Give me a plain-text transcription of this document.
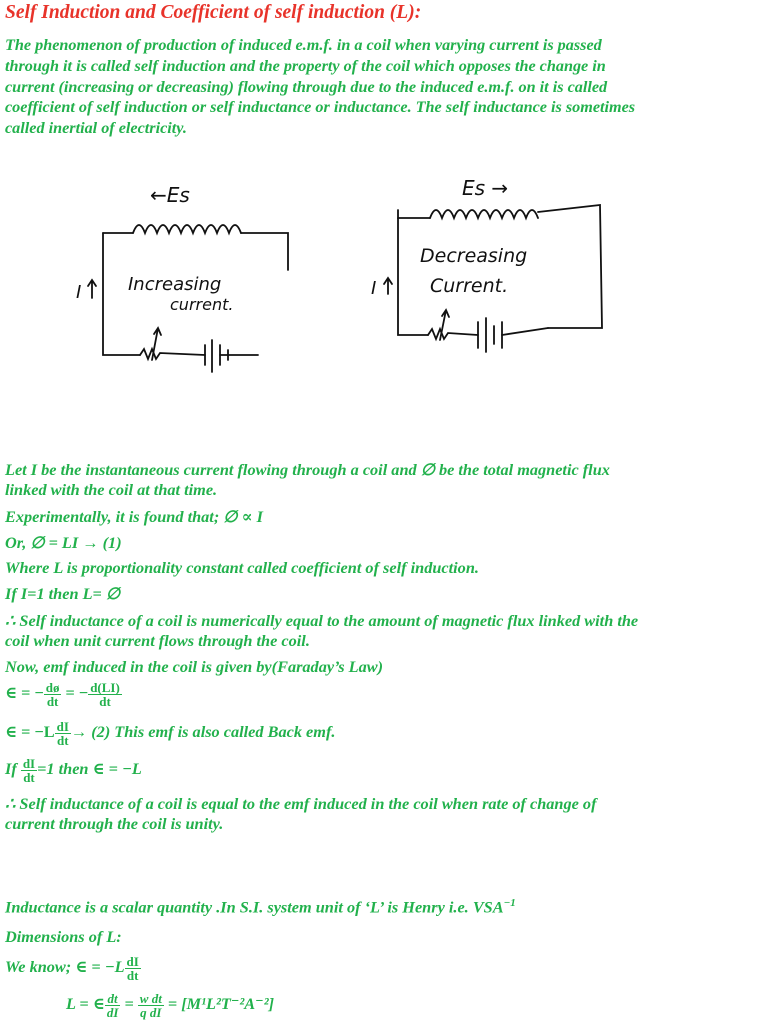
Self Induction and Coefficient of self induction (L):
The phenomenon of production of induced e.m.f. in a coil when varying current is passed
through it is called self induction and the property of the coil which opposes the change in
current (increasing or decreasing) flowing through due to the induced e.m.f. on it is called
coefficient of self induction or self inductance or inductance. The self inductance is sometimes
called inertial of electricity.
←Es
I	Increasing
current.
Es →
I
Decreasing
Current.
Let I be the instantaneous current flowing through a coil and ∅ be the total magnetic flux
linked with the coil at that time.
Experimentally, it is found that; ∅ ∝ I
Or, ∅ = LI → (1)
Where L is proportionality constant called coefficient of self induction.
If I=1 then L= ∅
∴ Self inductance of a coil is numerically equal to the amount of magnetic flux linked with the
coil when unit current flows through the coil.
Now, emf induced in the coil is given by(Faraday’s Law)
∈ = − $\frac{dø}{dt}$ = − $\frac{d(LI)}{dt}$
∈ = $-L \frac{dI}{dt} \to (2)$ This emf is also called Back emf.
If $\frac{dI}{dt} =1$ then ∈ = −L
∴ Self inductance of a coil is equal to the emf induced in the coil when rate of change of
current through the coil is unity.
Inductance is a scalar quantity .In S.I. system unit of ‘L’ is Henry i.e. $VSA^{-1}$
Dimensions of L:
We know; ∈ = $-L \frac{dI}{dt}$
L = ∈ $\frac{dt}{dI} = \frac{\text{w dt}}{\text{q dI}} = [M^1L^2T^{-2}A^{-2}]$
